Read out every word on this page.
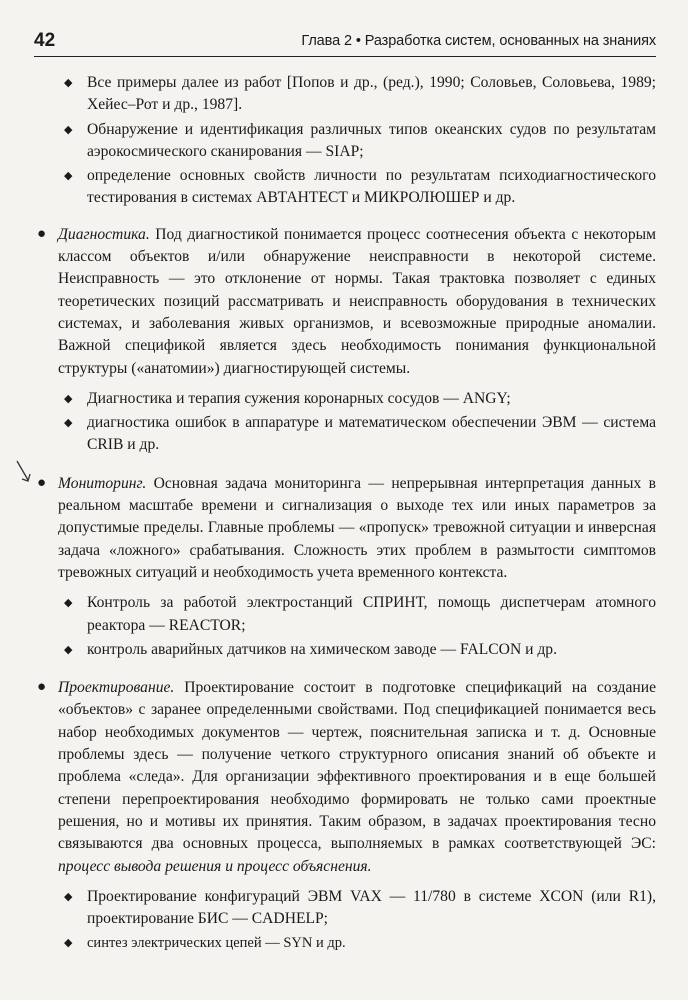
42	Глава 2 • Разработка систем, основанных на знаниях
◆ Все примеры далее из работ [Попов и др., (ред.), 1990; Соловьев, Соловьева, 1989; Хейес–Рот и др., 1987].

◆ Обнаружение и идентификация различных типов океанских судов по результатам аэрокосмического сканирования — SIAP;

◆ определение основных свойств личности по результатам психодиагностического тестирования в системах АВТАНТЕСТ и МИКРОЛЮШЕР и др.

● Диагностика. Под диагностикой понимается процесс соотнесения объекта с некоторым классом объектов и/или обнаружение неисправности в некоторой системе. Неисправность — это отклонение от нормы. Такая трактовка позволяет с единых теоретических позиций рассматривать и неисправность оборудования в технических системах, и заболевания живых организмов, и всевозможные природные аномалии. Важной спецификой является здесь необходимость понимания функциональной структуры («анатомии») диагностирующей системы.

◆ Диагностика и терапия сужения коронарных сосудов — ANGY;

◆ диагностика ошибок в аппаратуре и математическом обеспечении ЭВМ — система CRIB и др.

● Мониторинг. Основная задача мониторинга — непрерывная интерпретация данных в реальном масштабе времени и сигнализация о выходе тех или иных параметров за допустимые пределы. Главные проблемы — «пропуск» тревожной ситуации и инверсная задача «ложного» срабатывания. Сложность этих проблем в размытости симптомов тревожных ситуаций и необходимость учета временного контекста.

◆ Контроль за работой электростанций СПРИНТ, помощь диспетчерам атомного реактора — REACTOR;

◆ контроль аварийных датчиков на химическом заводе — FALCON и др.

● Проектирование. Проектирование состоит в подготовке спецификаций на создание «объектов» с заранее определенными свойствами. Под спецификацией понимается весь набор необходимых документов — чертеж, пояснительная записка и т. д. Основные проблемы здесь — получение четкого структурного описания знаний об объекте и проблема «следа». Для организации эффективного проектирования и в еще большей степени перепроектирования необходимо формировать не только сами проектные решения, но и мотивы их принятия. Таким образом, в задачах проектирования тесно связываются два основных процесса, выполняемых в рамках соответствующей ЭС: процесс вывода решения и процесс объяснения.

◆ Проектирование конфигураций ЭВМ VAX — 11/780 в системе XCON (или R1), проектирование БИС — CADHELP;

◆ синтез электрических цепей — SYN и др.
